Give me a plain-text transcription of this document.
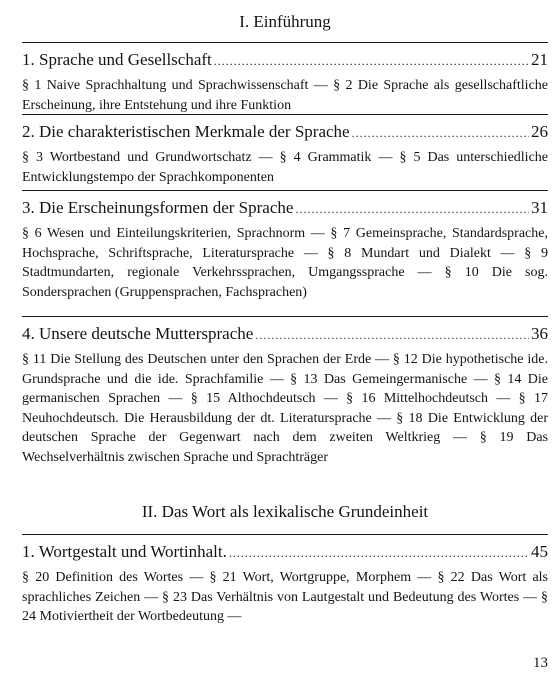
I. Einführung
1. Sprache und Gesellschaft .....	21
§ 1 Naive Sprachhaltung und Sprachwissenschaft — § 2 Die Sprache als gesellschaftliche Erscheinung, ihre Entstehung und ihre Funktion
2. Die charakteristischen Merkmale der Sprache .....	26
§ 3 Wortbestand und Grundwortschatz — § 4 Grammatik — § 5 Das unterschiedliche Entwicklungstempo der Sprachkomponenten
3. Die Erscheinungsformen der Sprache .....	31
§ 6 Wesen und Einteilungskriterien, Sprachnorm — § 7 Gemeinsprache, Standardsprache, Hochsprache, Schriftsprache, Literatursprache — § 8 Mundart und Dialekt — § 9 Stadtmundarten, regionale Verkehrssprachen, Umgangssprache — § 10 Die sog. Sondersprachen (Gruppensprachen, Fachsprachen)
4. Unsere deutsche Muttersprache .....	36
§ 11 Die Stellung des Deutschen unter den Sprachen der Erde — § 12 Die hypothetische ide. Grundsprache und die ide. Sprachfamilie — § 13 Das Gemeingermanische — § 14 Die germanischen Sprachen — § 15 Althochdeutsch — § 16 Mittelhochdeutsch — § 17 Neuhochdeutsch. Die Herausbildung der dt. Literatursprache — § 18 Die Entwicklung der deutschen Sprache der Gegenwart nach dem zweiten Weltkrieg — § 19 Das Wechselverhältnis zwischen Sprache und Sprachträger
II. Das Wort als lexikalische Grundeinheit
1. Wortgestalt und Wortinhalt. .....	45
§ 20 Definition des Wortes — § 21 Wort, Wortgruppe, Morphem — § 22 Das Wort als sprachliches Zeichen — § 23 Das Verhältnis von Lautgestalt und Bedeutung des Wortes — § 24 Motiviertheit der Wortbedeutung —
13
